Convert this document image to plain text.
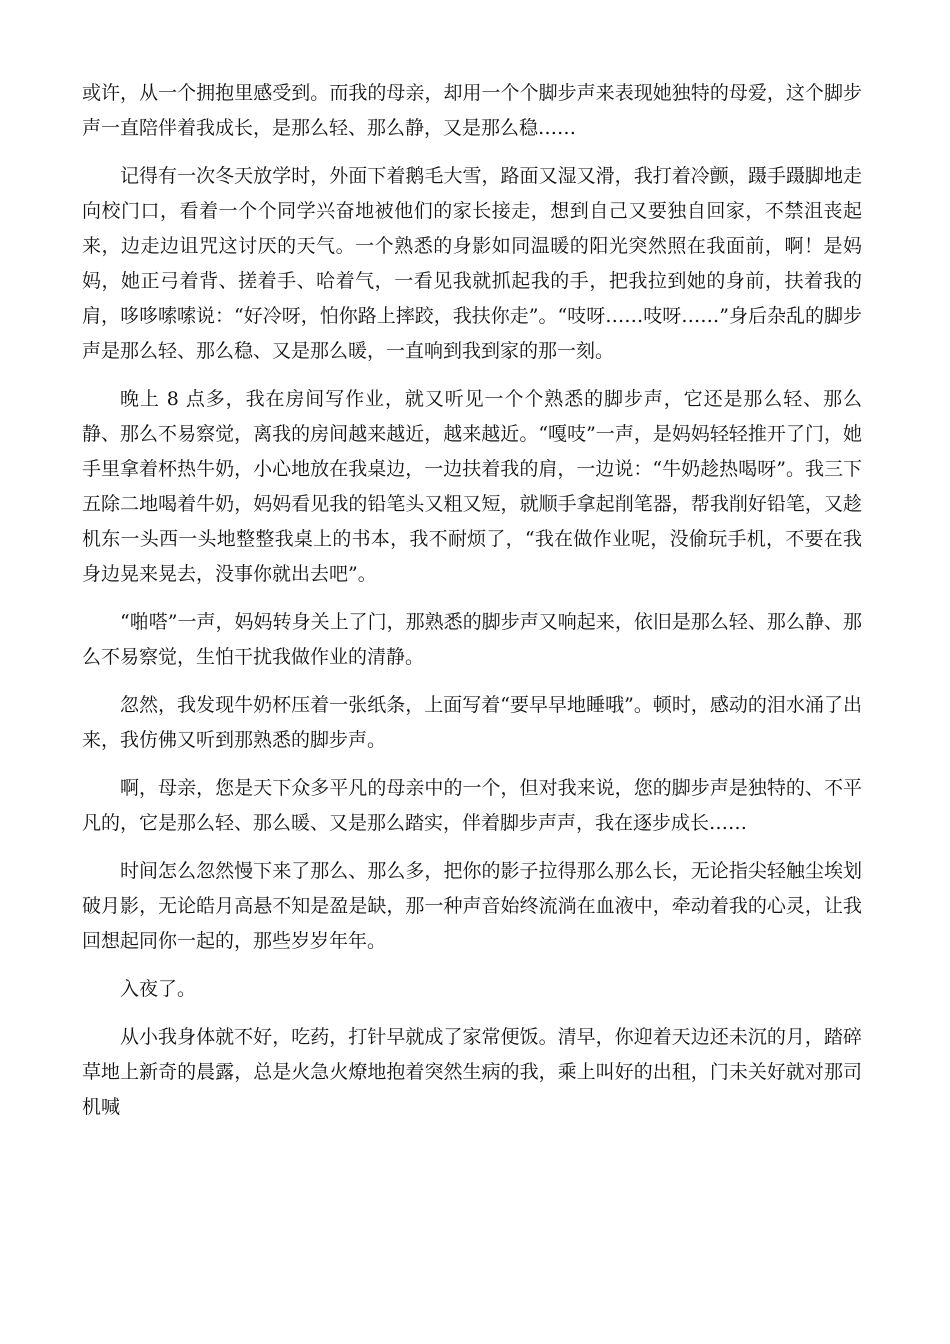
或许，从一个拥抱里感受到。而我的母亲，却用一个个脚步声来表现她独特的母爱，这个脚步声一直陪伴着我成长，是那么轻、那么静，又是那么稳……

记得有一次冬天放学时，外面下着鹅毛大雪，路面又湿又滑，我打着冷颤，蹑手蹑脚地走向校门口，看着一个个同学兴奋地被他们的家长接走，想到自己又要独自回家，不禁沮丧起来，边走边诅咒这讨厌的天气。一个熟悉的身影如同温暖的阳光突然照在我面前，啊！是妈妈，她正弓着背、搓着手、哈着气，一看见我就抓起我的手，把我拉到她的身前，扶着我的肩，哆哆嗦嗦说：“好冷呀，怕你路上摔跤，我扶你走”。“吱呀……吱呀……”身后杂乱的脚步声是那么轻、那么稳、又是那么暖，一直响到我到家的那一刻。

晚上 8 点多，我在房间写作业，就又听见一个个熟悉的脚步声，它还是那么轻、那么静、那么不易察觉，离我的房间越来越近，越来越近。“嘎吱”一声，是妈妈轻轻推开了门，她手里拿着杯热牛奶，小心地放在我桌边，一边扶着我的肩，一边说：“牛奶趁热喝呀”。我三下五除二地喝着牛奶，妈妈看见我的铅笔头又粗又短，就顺手拿起削笔器，帮我削好铅笔，又趁机东一头西一头地整整我桌上的书本，我不耐烦了，“我在做作业呢，没偷玩手机，不要在我身边晃来晃去，没事你就出去吧”。

“啪嗒”一声，妈妈转身关上了门，那熟悉的脚步声又响起来，依旧是那么轻、那么静、那么不易察觉，生怕干扰我做作业的清静。

忽然，我发现牛奶杯压着一张纸条，上面写着“要早早地睡哦”。顿时，感动的泪水涌了出来，我仿佛又听到那熟悉的脚步声。

啊，母亲，您是天下众多平凡的母亲中的一个，但对我来说，您的脚步声是独特的、不平凡的，它是那么轻、那么暖、又是那么踏实，伴着脚步声声，我在逐步成长……

时间怎么忽然慢下来了那么、那么多，把你的影子拉得那么那么长，无论指尖轻触尘埃划破月影，无论皓月高悬不知是盈是缺，那一种声音始终流淌在血液中，牵动着我的心灵，让我回想起同你一起的，那些岁岁年年。

入夜了。

从小我身体就不好，吃药，打针早就成了家常便饭。清早，你迎着天边还未沉的月，踏碎草地上新奇的晨露，总是火急火燎地抱着突然生病的我，乘上叫好的出租，门未关好就对那司机喊
